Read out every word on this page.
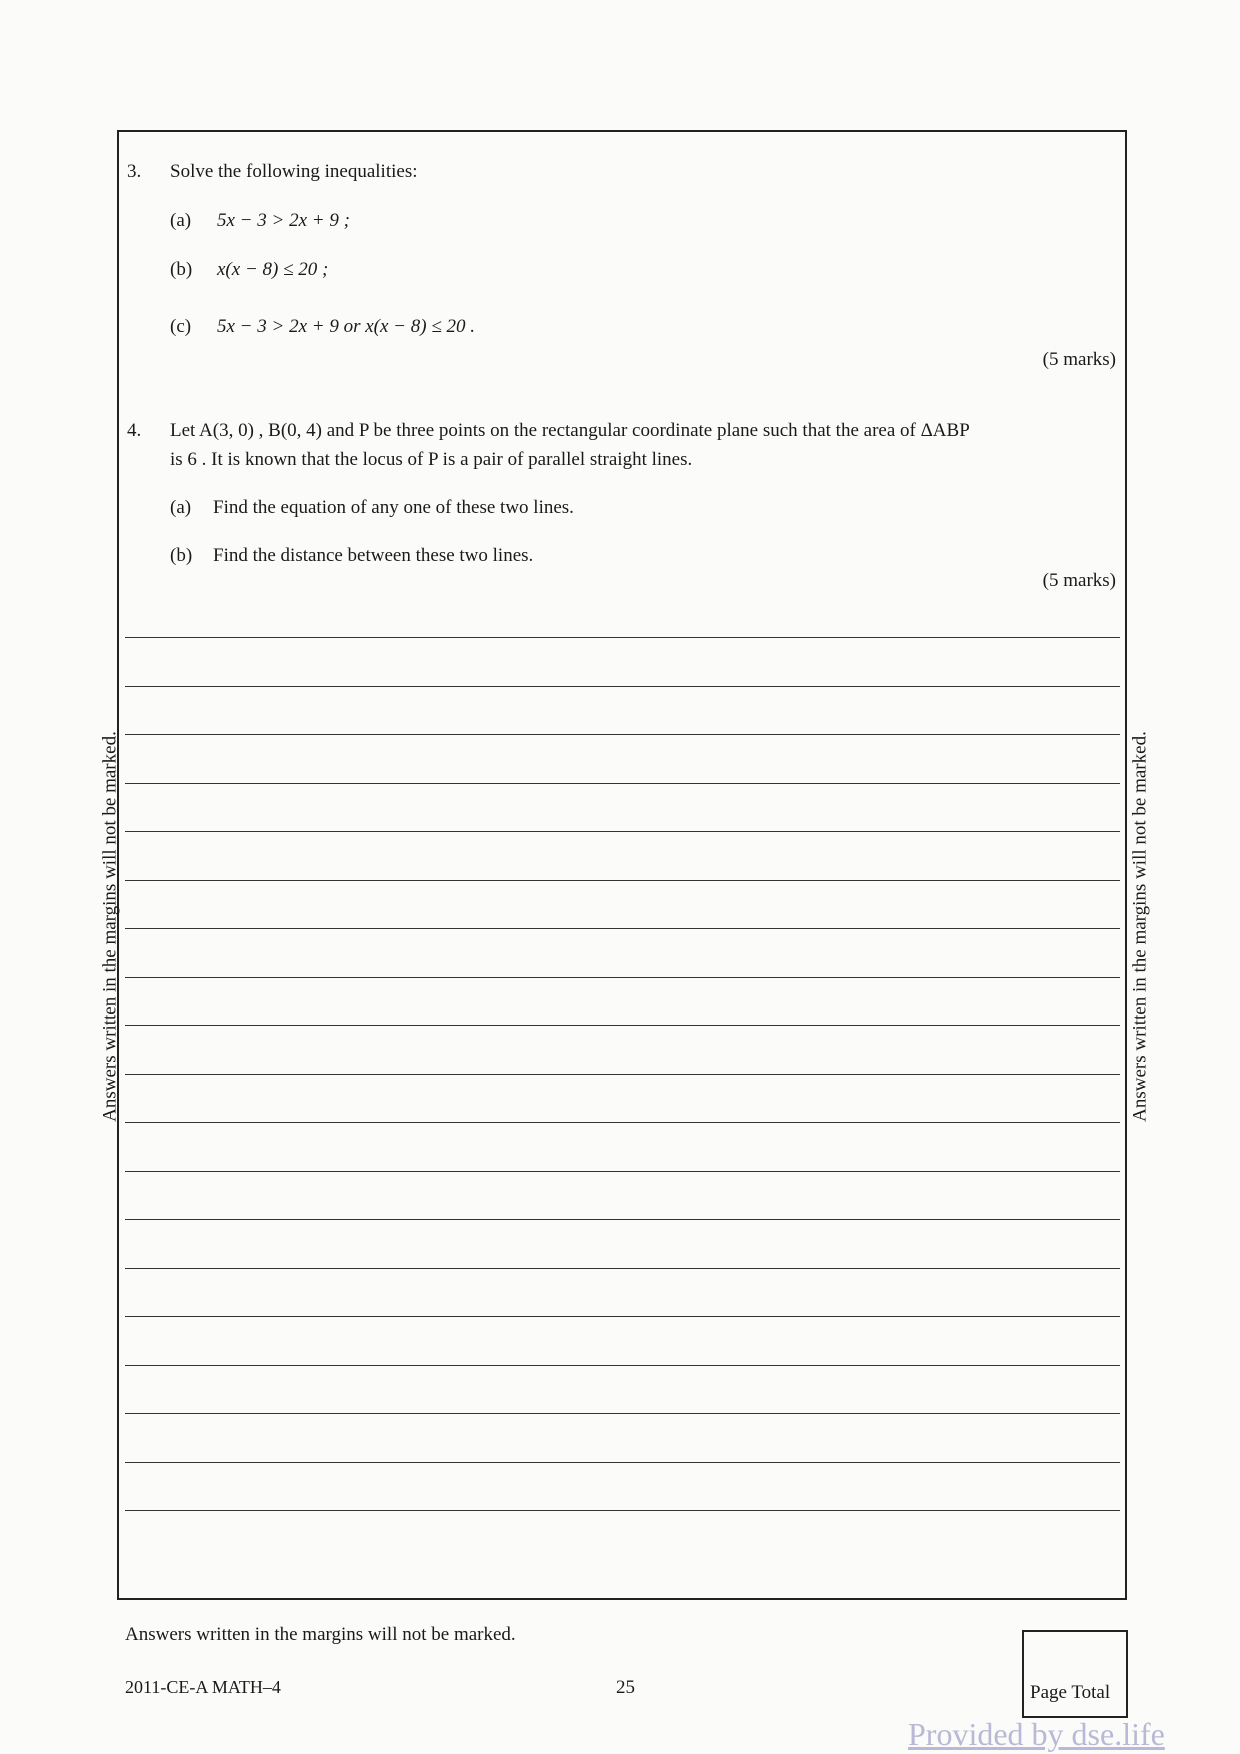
3. Solve the following inequalities:
(a) 5x − 3 > 2x + 9 ;
(b) x(x − 8) ≤ 20 ;
(c) 5x − 3 > 2x + 9 or x(x − 8) ≤ 20 .
(5 marks)
4. Let A(3, 0) , B(0, 4) and P be three points on the rectangular coordinate plane such that the area of ΔABP
is 6 . It is known that the locus of P is a pair of parallel straight lines.
(a) Find the equation of any one of these two lines.
(b) Find the distance between these two lines.
(5 marks)
Answers written in the margins will not be marked.	Answers written in the margins will not be marked.
Answers written in the margins will not be marked.
2011-CE-A MATH–4	25	Page Total
Provided by dse.life
